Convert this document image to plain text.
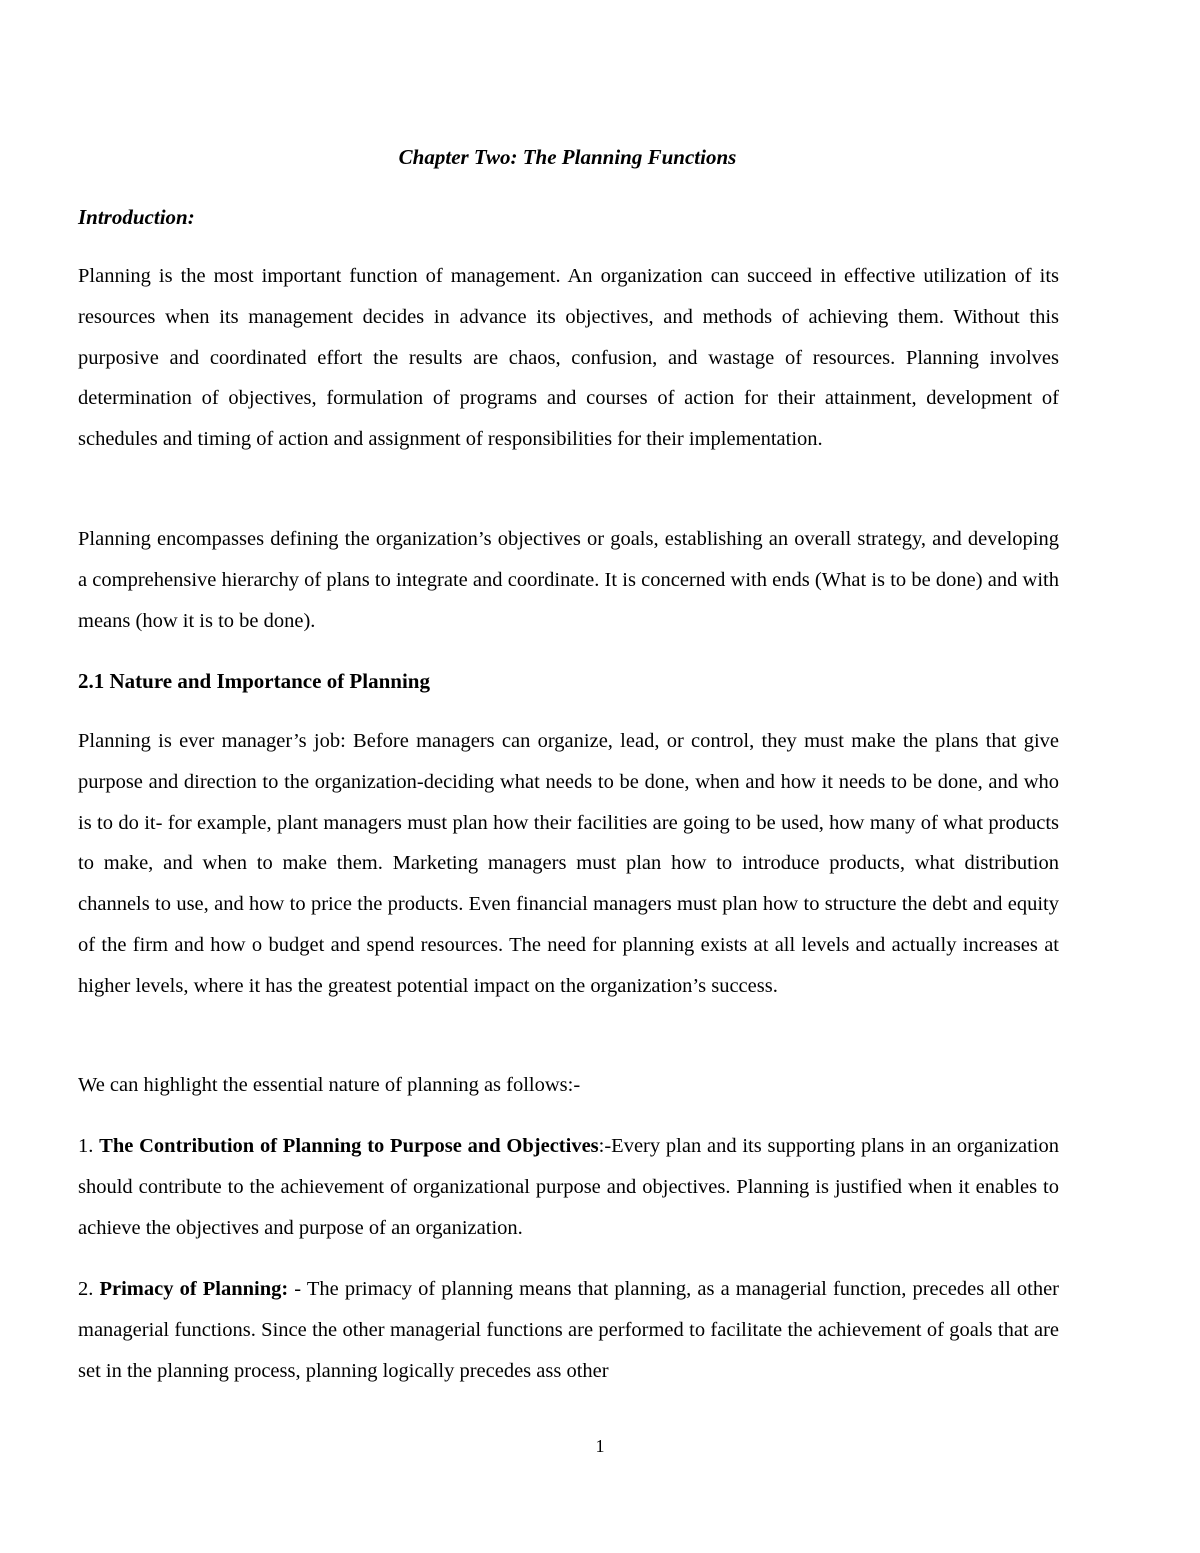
Chapter Two: The Planning Functions
Introduction:

Planning is the most important function of management. An organization can succeed in effective utilization of its resources when its management decides in advance its objectives, and methods of achieving them. Without this purposive and coordinated effort the results are chaos, confusion, and wastage of resources. Planning involves determination of objectives, formulation of programs and courses of action for their attainment, development of schedules and timing of action and assignment of responsibilities for their implementation.

Planning encompasses defining the organization’s objectives or goals, establishing an overall strategy, and developing a comprehensive hierarchy of plans to integrate and coordinate. It is concerned with ends (What is to be done) and with means (how it is to be done).

2.1 Nature and Importance of Planning

Planning is ever manager’s job: Before managers can organize, lead, or control, they must make the plans that give purpose and direction to the organization-deciding what needs to be done, when and how it needs to be done, and who is to do it- for example, plant managers must plan how their facilities are going to be used, how many of what products to make, and when to make them. Marketing managers must plan how to introduce products, what distribution channels to use, and how to price the products. Even financial managers must plan how to structure the debt and equity of the firm and how o budget and spend resources. The need for planning exists at all levels and actually increases at higher levels, where it has the greatest potential impact on the organization’s success.

We can highlight the essential nature of planning as follows:-

1. The Contribution of Planning to Purpose and Objectives:-Every plan and its supporting plans in an organization should contribute to the achievement of organizational purpose and objectives. Planning is justified when it enables to achieve the objectives and purpose of an organization.

2. Primacy of Planning: - The primacy of planning means that planning, as a managerial function, precedes all other managerial functions. Since the other managerial functions are performed to facilitate the achievement of goals that are set in the planning process, planning logically precedes ass other

1
